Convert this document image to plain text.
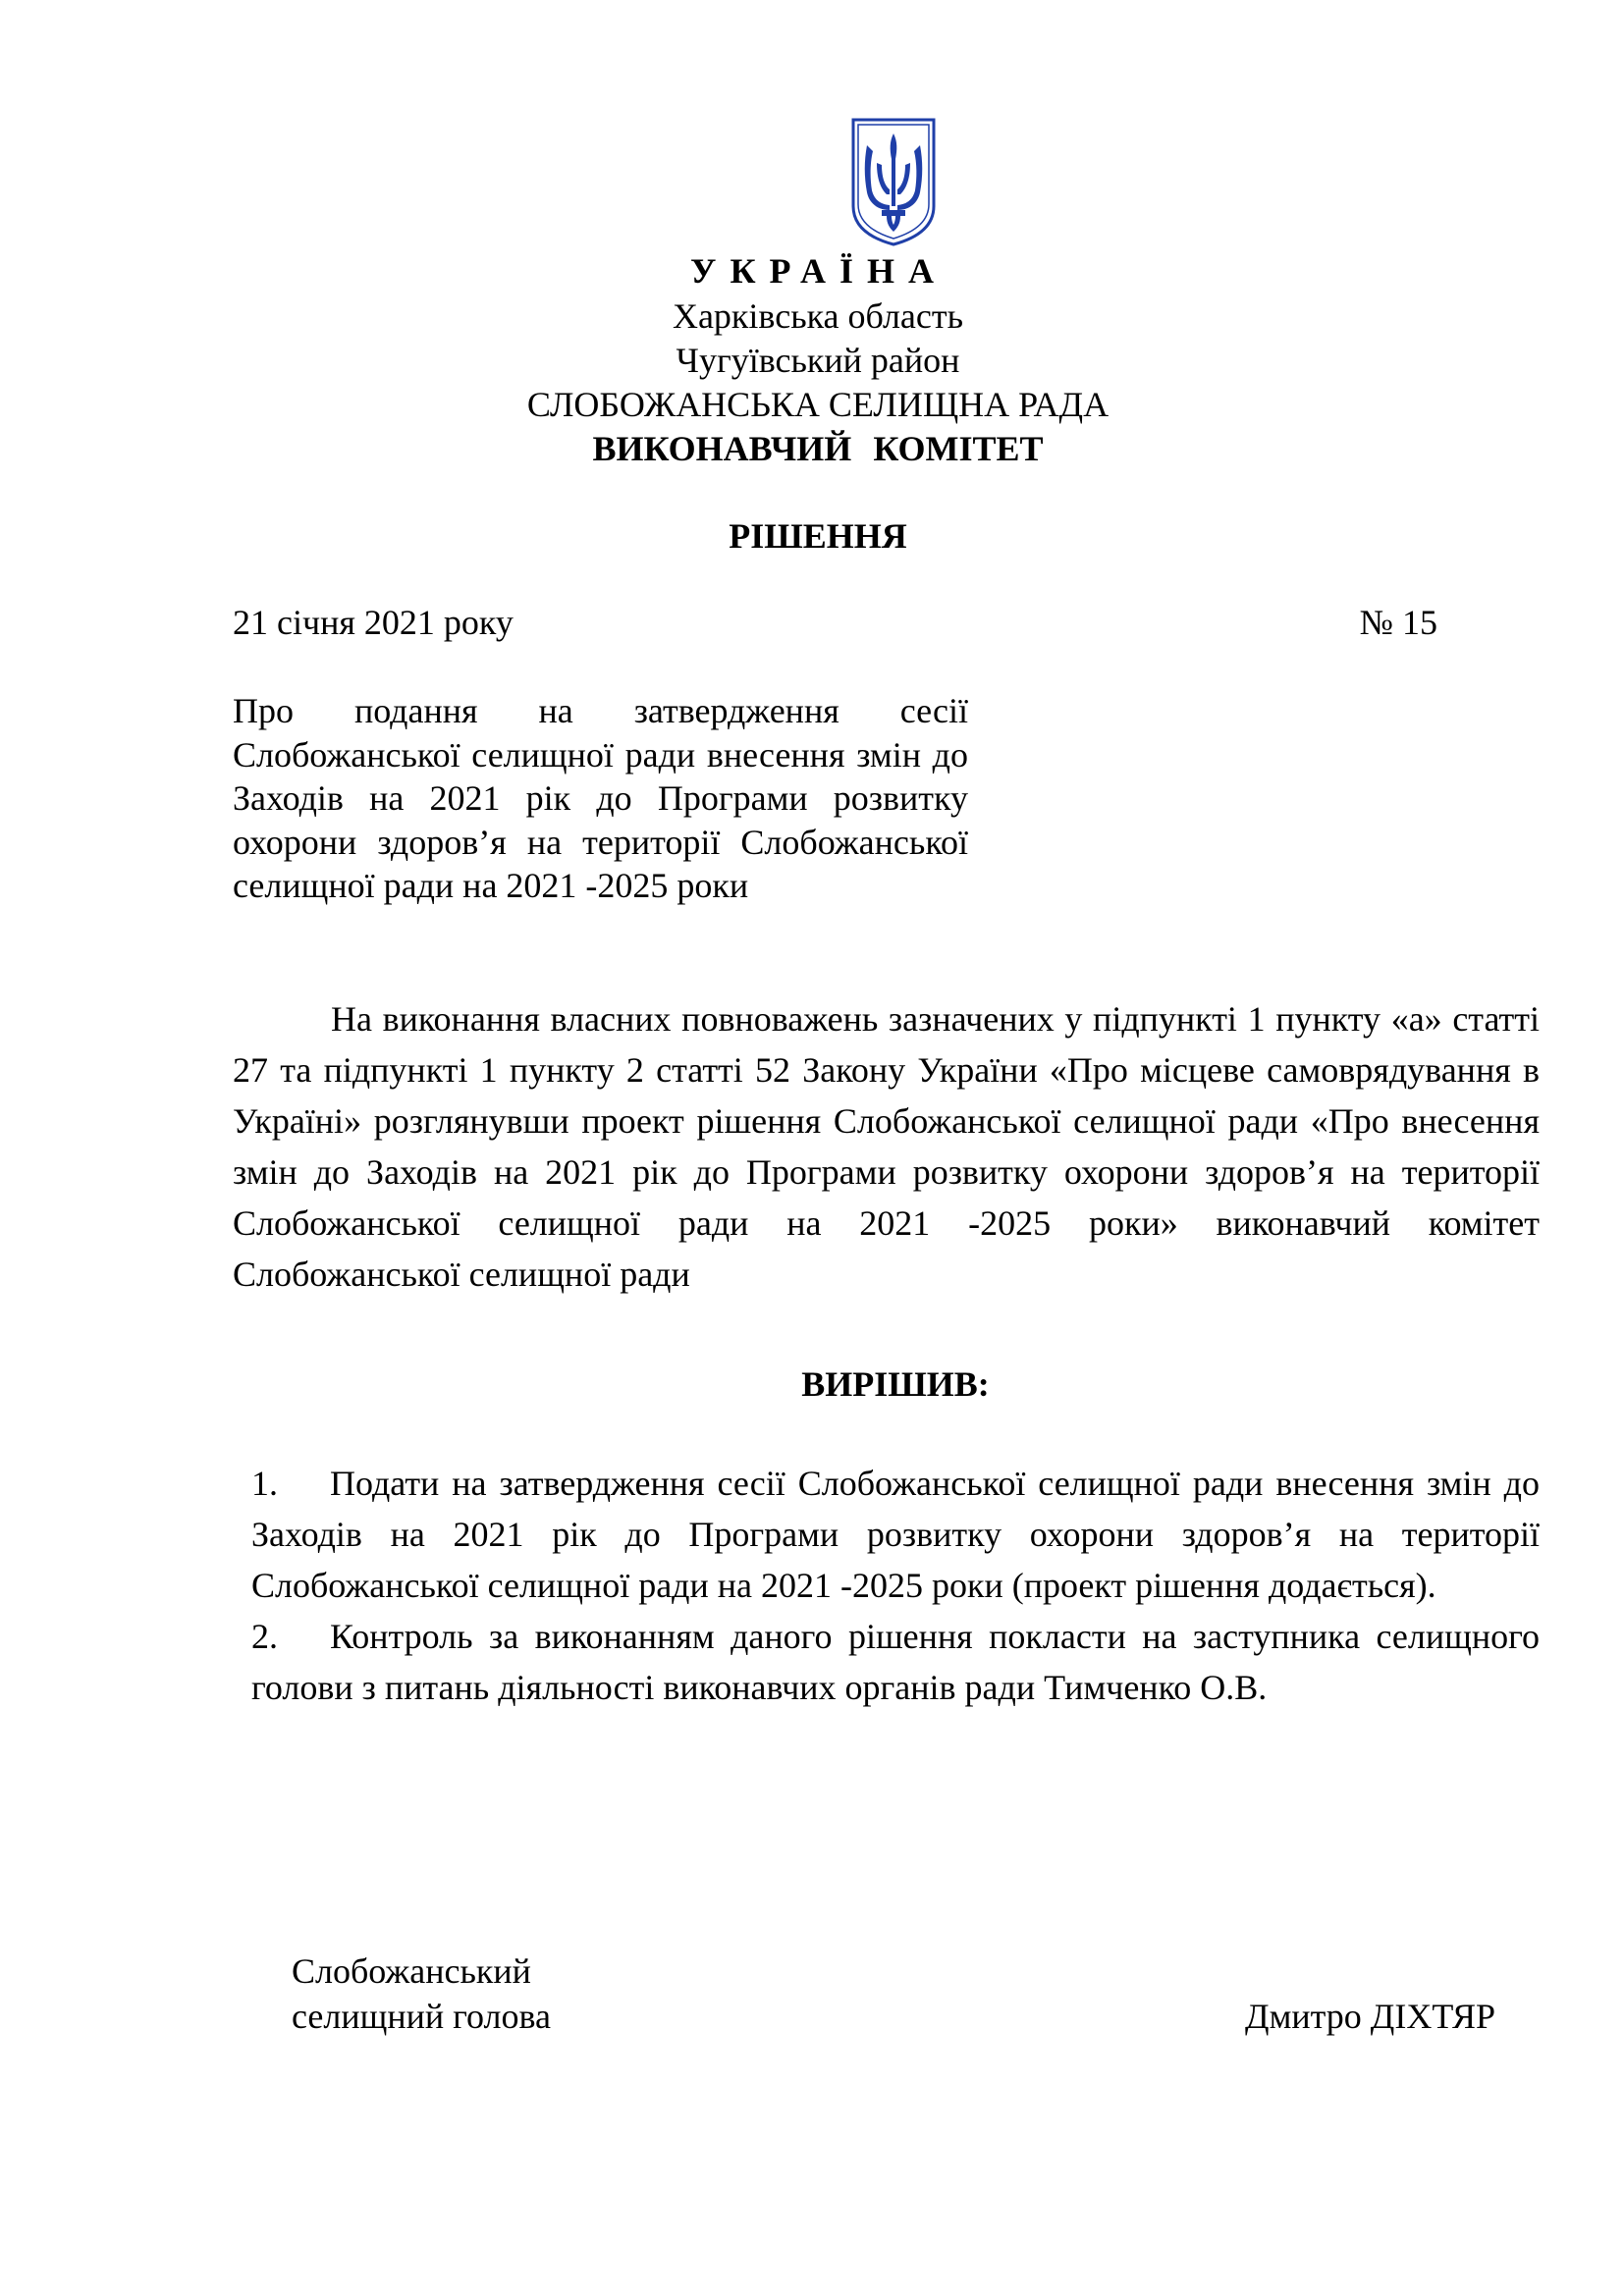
УКРАЇНА
Харківська область
Чугуївський район
СЛОБОЖАНСЬКА СЕЛИЩНА РАДА
ВИКОНАВЧИЙ КОМІТЕТ
РІШЕННЯ
21 січня 2021 року	№ 15
Про подання на затвердження сесії Слобожанської селищної ради внесення змін до Заходів на 2021 рік до Програми розвитку охорони здоров’я на території Слобожанської селищної ради на 2021 -2025 роки
На виконання власних повноважень зазначених у підпункті 1 пункту «а» статті 27 та підпункті 1 пункту 2 статті 52 Закону України «Про місцеве самоврядування в Україні» розглянувши проект рішення Слобожанської селищної ради «Про внесення змін до Заходів на 2021 рік до Програми розвитку охорони здоров’я на території Слобожанської селищної ради на 2021 -2025 роки» виконавчий комітет Слобожанської селищної ради
ВИРІШИВ:
1. Подати на затвердження сесії Слобожанської селищної ради внесення змін до Заходів на 2021 рік до Програми розвитку охорони здоров’я на території Слобожанської селищної ради на 2021 -2025 роки (проект рішення додається).
2. Контроль за виконанням даного рішення покласти на заступника селищного голови з питань діяльності виконавчих органів ради Тимченко О.В.
Слобожанський
селищний голова	Дмитро ДІХТЯР
